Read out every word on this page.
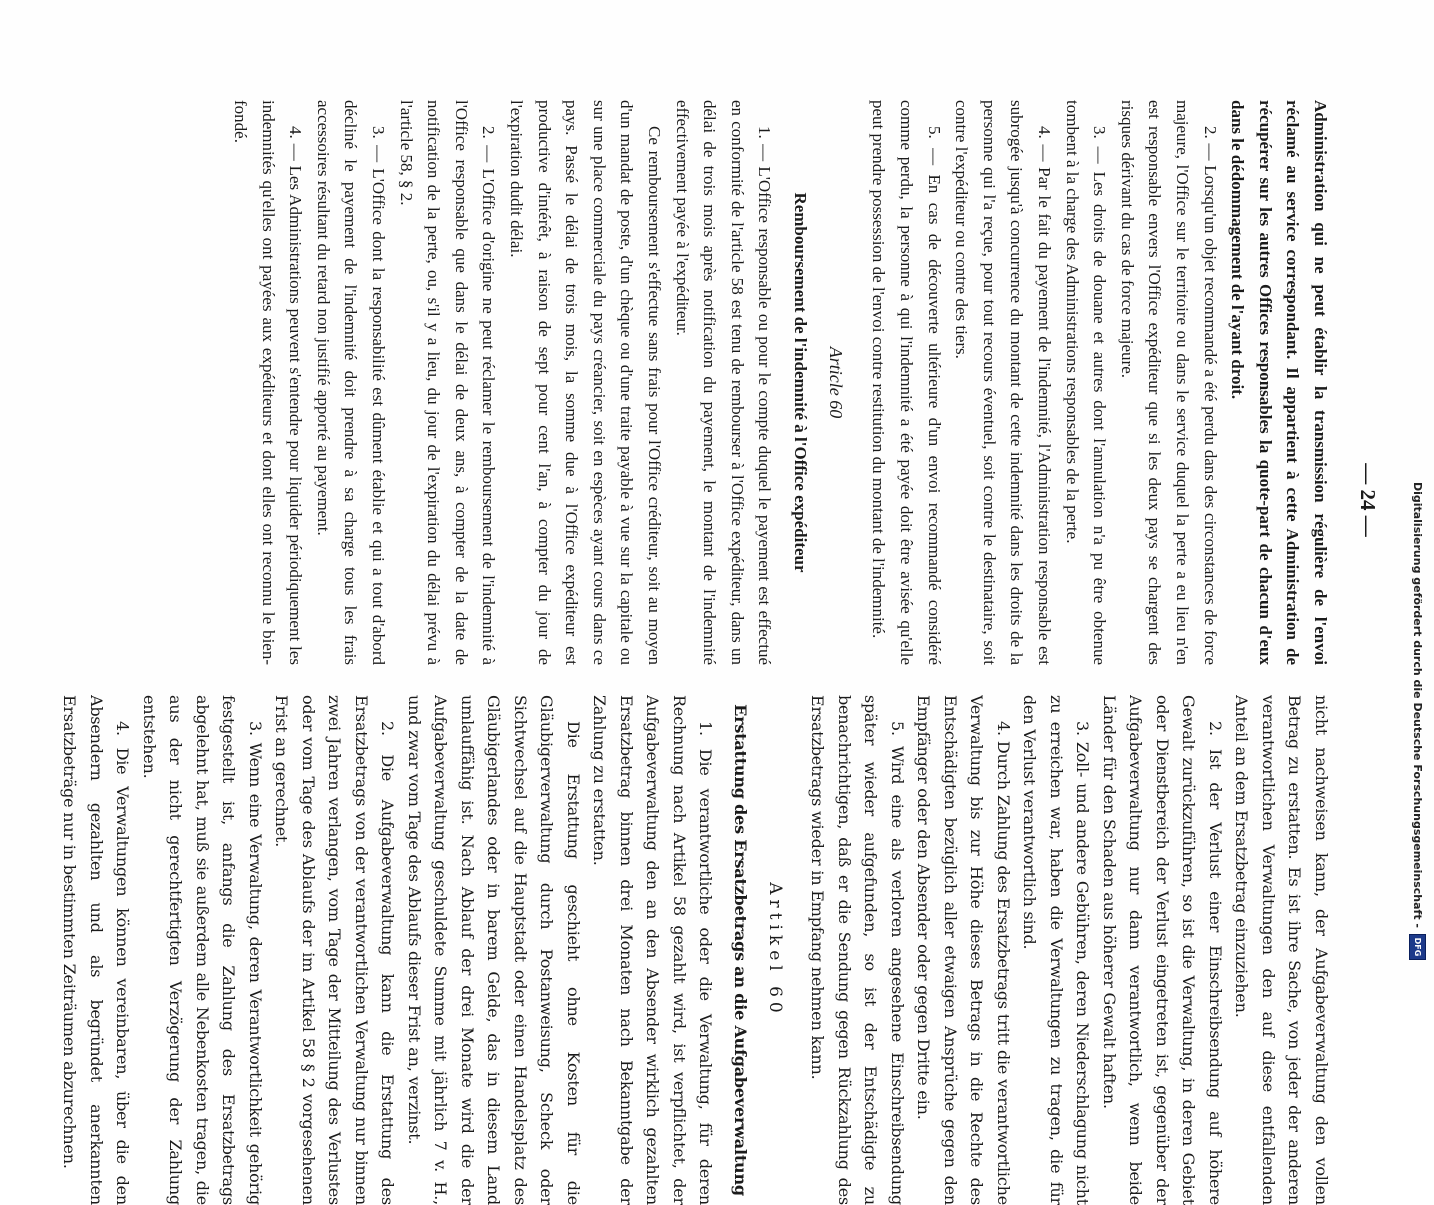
— 24 —

Administration qui ne peut établir la transmission régulière de l'envoi réclamé au service correspondant. Il appartient à cette Administration de récupérer sur les autres Offices responsables la quote-part de chacun d'eux dans le dédommagement de l'ayant droit.

2. — Lorsqu'un objet recommandé a été perdu dans des circonstances de force majeure, l'Office sur le territoire ou dans le service duquel la perte a eu lieu n'en est responsable envers l'Office expéditeur que si les deux pays se chargent des risques dérivant du cas de force majeure.

3. — Les droits de douane et autres dont l'annulation n'a pu être obtenue tombent à la charge des Administrations responsables de la perte.

4. — Par le fait du payement de l'indemnité, l'Administration responsable est subrogée jusqu'à concurrence du montant de cette indemnité dans les droits de la personne qui l'a reçue, pour tout recours éventuel, soit contre le destinataire, soit contre l'expéditeur ou contre des tiers.

5. — En cas de découverte ultérieure d'un envoi recommandé considéré comme perdu, la personne à qui l'indemnité a été payée doit être avisée qu'elle peut prendre possession de l'envoi contre restitution du montant de l'indemnité.

Article 60

Remboursement de l'indemnité à l'Office expéditeur

1. — L'Office responsable ou pour le compte duquel le payement est effectué en conformité de l'article 58 est tenu de rembourser à l'Office expéditeur, dans un délai de trois mois après notification du payement, le montant de l'indemnité effectivement payée à l'expéditeur.

Ce remboursement s'effectue sans frais pour l'Office créditeur, soit au moyen d'un mandat de poste, d'un chèque ou d'une traite payable à vue sur la capitale ou sur une place commerciale du pays créancier, soit en espèces ayant cours dans ce pays. Passé le délai de trois mois, la somme due à l'Office expéditeur est productive d'intérêt, à raison de sept pour cent l'an, à compter du jour de l'expiration dudit délai.

2. — L'Office d'origine ne peut réclamer le remboursement de l'indemnité à l'Office responsable que dans le délai de deux ans, à compter de la date de notification de la perte, ou, s'il y a lieu, du jour de l'expiration du délai prévu à l'article 58, § 2.

3. — L'Office dont la responsabilité est dûment établie et qui a tout d'abord décliné le payement de l'indemnité doit prendre à sa charge tous les frais accessoires résultant du retard non justifié apporté au payement.

4. — Les Administrations peuvent s'entendre pour liquider périodiquement les indemnités qu'elles ont payées aux expéditeurs et dont elles ont reconnu le bien-fondé.

nicht nachweisen kann, der Aufgabeverwaltung den vollen Betrag zu erstatten. Es ist ihre Sache, von jeder der anderen verantwortlichen Verwaltungen den auf diese entfallenden Anteil an dem Ersatzbetrag einzuziehen.

2. Ist der Verlust einer Einschreibsendung auf höhere Gewalt zurückzuführen, so ist die Verwaltung, in deren Gebiet oder Dienstbereich der Verlust eingetreten ist, gegenüber der Aufgabeverwaltung nur dann verantwortlich, wenn beide Länder für den Schaden aus höherer Gewalt haften.

3. Zoll- und andere Gebühren, deren Niederschlagung nicht zu erreichen war, haben die Verwaltungen zu tragen, die für den Verlust verantwortlich sind.

4. Durch Zahlung des Ersatzbetrags tritt die verantwortliche Verwaltung bis zur Höhe dieses Betrags in die Rechte des Entschädigten bezüglich aller etwaigen Ansprüche gegen den Empfänger oder den Absender oder gegen Dritte ein.

5. Wird eine als verloren angesehene Einschreibsendung später wieder aufgefunden, so ist der Entschädigte zu benachrichtigen, daß er die Sendung gegen Rückzahlung des Ersatzbetrags wieder in Empfang nehmen kann.

Artikel 60

Erstattung des Ersatzbetrags an die Aufgabeverwaltung

1. Die verantwortliche oder die Verwaltung, für deren Rechnung nach Artikel 58 gezahlt wird, ist verpflichtet, der Aufgabeverwaltung den an den Absender wirklich gezahlten Ersatzbetrag binnen drei Monaten nach Bekanntgabe der Zahlung zu erstatten.

Die Erstattung geschieht ohne Kosten für die Gläubigerverwaltung durch Postanweisung, Scheck oder Sichtwechsel auf die Hauptstadt oder einen Handelsplatz des Gläubigerlandes oder in barem Gelde, das in diesem Land umlauffähig ist. Nach Ablauf der drei Monate wird die der Aufgabeverwaltung geschuldete Summe mit jährlich 7 v. H., und zwar vom Tage des Ablaufs dieser Frist an, verzinst.

2. Die Aufgabeverwaltung kann die Erstattung des Ersatzbetrags von der verantwortlichen Verwaltung nur binnen zwei Jahren verlangen, vom Tage der Mitteilung des Verlustes oder vom Tage des Ablaufs der im Artikel 58 § 2 vorgesehenen Frist an gerechnet.

3. Wenn eine Verwaltung, deren Verantwortlichkeit gehörig festgestellt ist, anfangs die Zahlung des Ersatzbetrags abgelehnt hat, muß sie außerdem alle Nebenkosten tragen, die aus der nicht gerechtfertigten Verzögerung der Zahlung entstehen.

4. Die Verwaltungen können vereinbaren, über die den Absendern gezahlten und als begründet anerkannten Ersatzbeträge nur in bestimmten Zeiträumen abzurechnen.	Digitalisierung gefördert durch die Deutsche Forschungsgemeinschaft -
DFG
